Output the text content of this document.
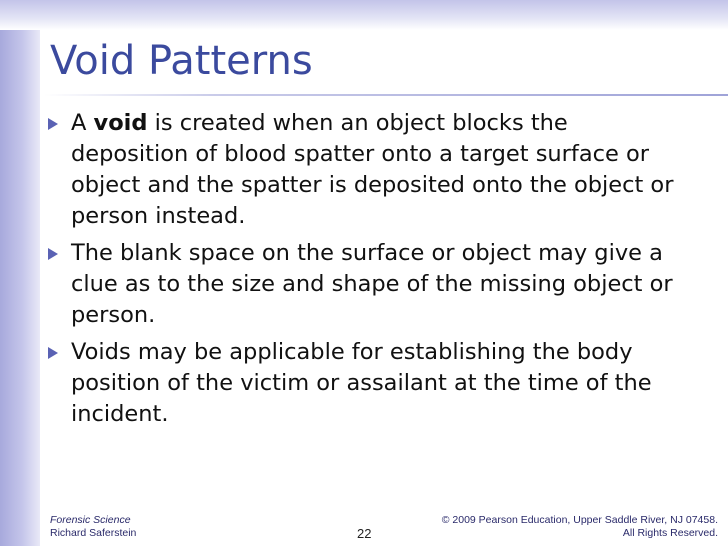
Void Patterns
A void is created when an object blocks the deposition of blood spatter onto a target surface or object and the spatter is deposited onto the object or person instead.
The blank space on the surface or object may give a clue as to the size and shape of the missing object or person.
Voids may be applicable for establishing the body position of the victim or assailant at the time of the incident.
Forensic Science
Richard Saferstein	22
© 2009 Pearson Education, Upper Saddle River, NJ 07458.
All Rights Reserved.
